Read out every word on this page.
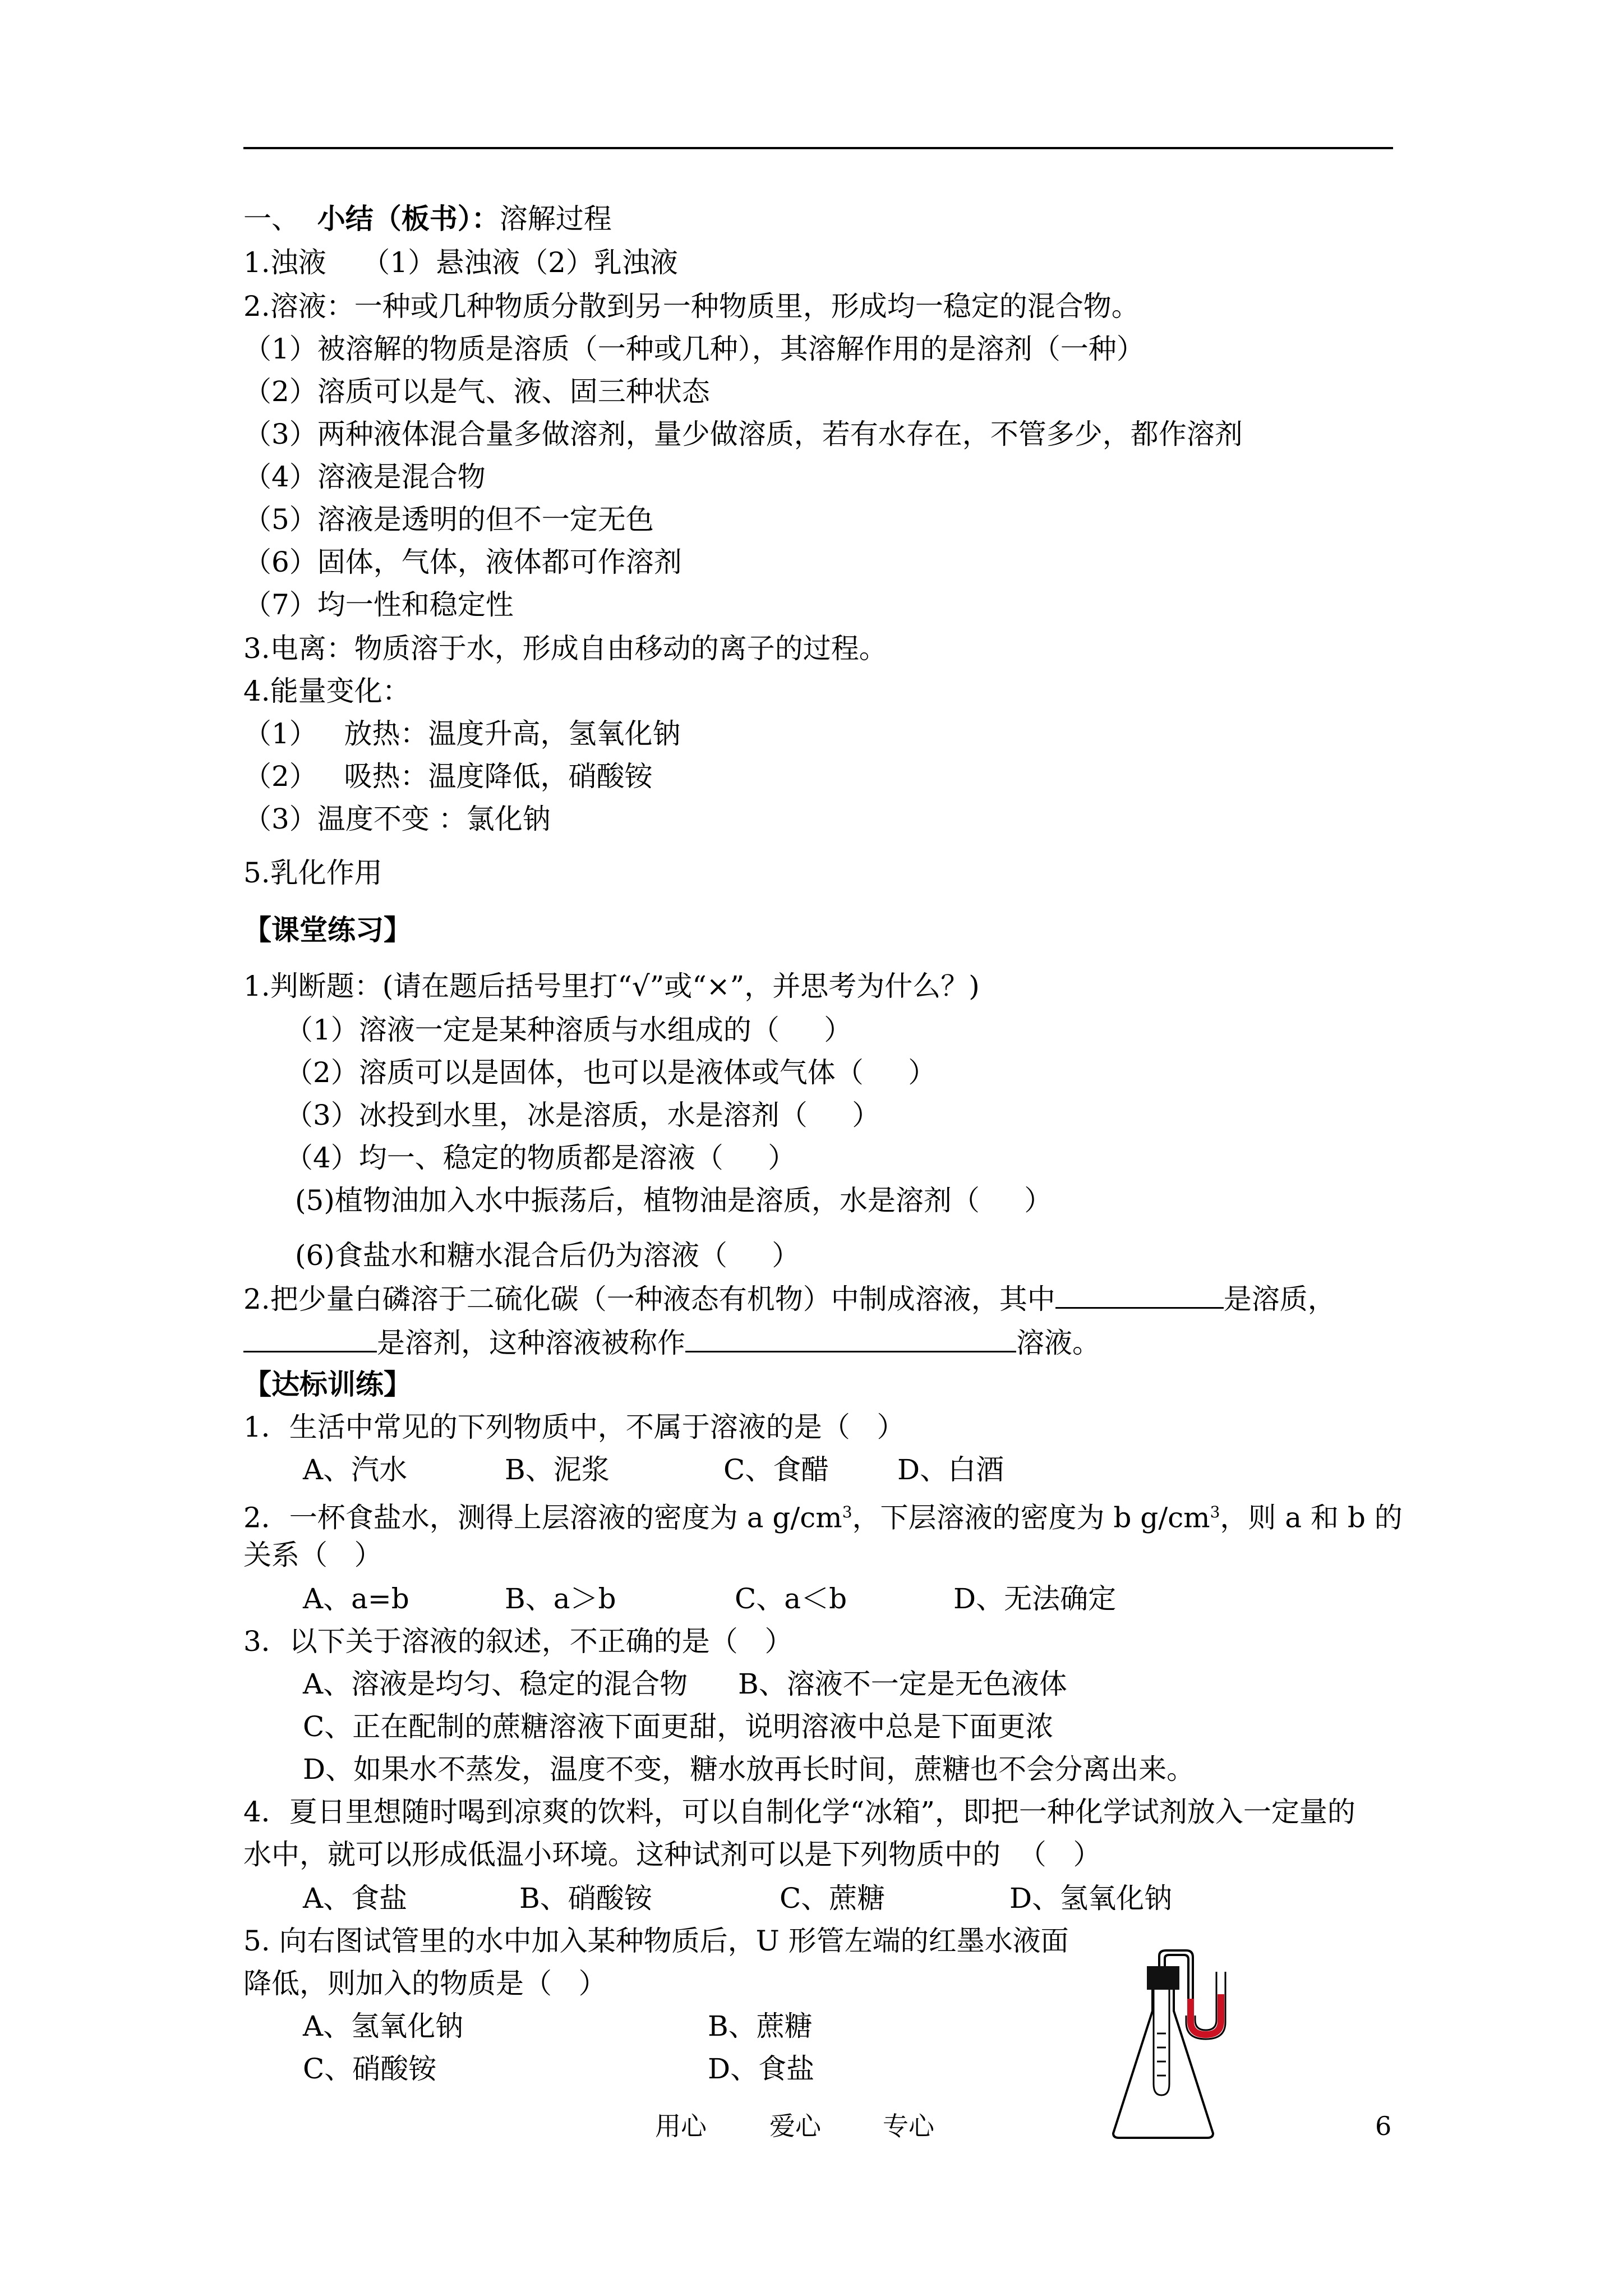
一、 小结（板书）：溶解过程
1.浊液    （1）悬浊液（2）乳浊液
2.溶液：一种或几种物质分散到另一种物质里，形成均一稳定的混合物。
（1）被溶解的物质是溶质（一种或几种），其溶解作用的是溶剂（一种）
（2）溶质可以是气、液、固三种状态
（3）两种液体混合量多做溶剂，量少做溶质，若有水存在，不管多少，都作溶剂
（4）溶液是混合物
（5）溶液是透明的但不一定无色
（6）固体，气体，液体都可作溶剂
（7）均一性和稳定性
3.电离：物质溶于水，形成自由移动的离子的过程。
4.能量变化：
（1）   放热：温度升高，氢氧化钠
（2）   吸热：温度降低，硝酸铵
（3）温度不变 ：氯化钠
5.乳化作用
【课堂练习】
1.判断题：(请在题后括号里打“√”或“×”，并思考为什么？)
（1）溶液一定是某种溶质与水组成的（     ）
（2）溶质可以是固体，也可以是液体或气体（     ）
（3）冰投到水里，冰是溶质，水是溶剂（     ）
（4）均一、稳定的物质都是溶液（     ）
(5)植物油加入水中振荡后，植物油是溶质，水是溶剂（     ）
(6)食盐水和糖水混合后仍为溶液（     ）
2.把少量白磷溶于二硫化碳（一种液态有机物）中制成溶液，其中	是溶质，
是溶剂，这种溶液被称作	溶液。
【达标训练】
1．生活中常见的下列物质中，不属于溶液的是（   ）
A、汽水	B、泥浆	C、食醋 D、白酒
2．一杯食盐水，测得上层溶液的密度为 a $g/cm^3$，下层溶液的密度为 b $g/cm^3$，则 a 和 b 的
关系（   ）
A、a=b	B、a＞b	C、a＜b	D、无法确定
3．以下关于溶液的叙述，不正确的是（   ）
A、溶液是均匀、稳定的混合物 B、溶液不一定是无色液体
C、正在配制的蔗糖溶液下面更甜，说明溶液中总是下面更浓
D、如果水不蒸发，温度不变，糖水放再长时间，蔗糖也不会分离出来。
4．夏日里想随时喝到凉爽的饮料，可以自制化学“冰箱”，即把一种化学试剂放入一定量的
水中，就可以形成低温小环境。这种试剂可以是下列物质中的  （   ）
A、食盐	B、硝酸铵	C、蔗糖	D、氢氧化钠
5. 向右图试管里的水中加入某种物质后，U 形管左端的红墨水液面
降低，则加入的物质是（   ）
A、氢氧化钠	B、蔗糖
C、硝酸铵	D、食盐
用心 爱心 专心	6
